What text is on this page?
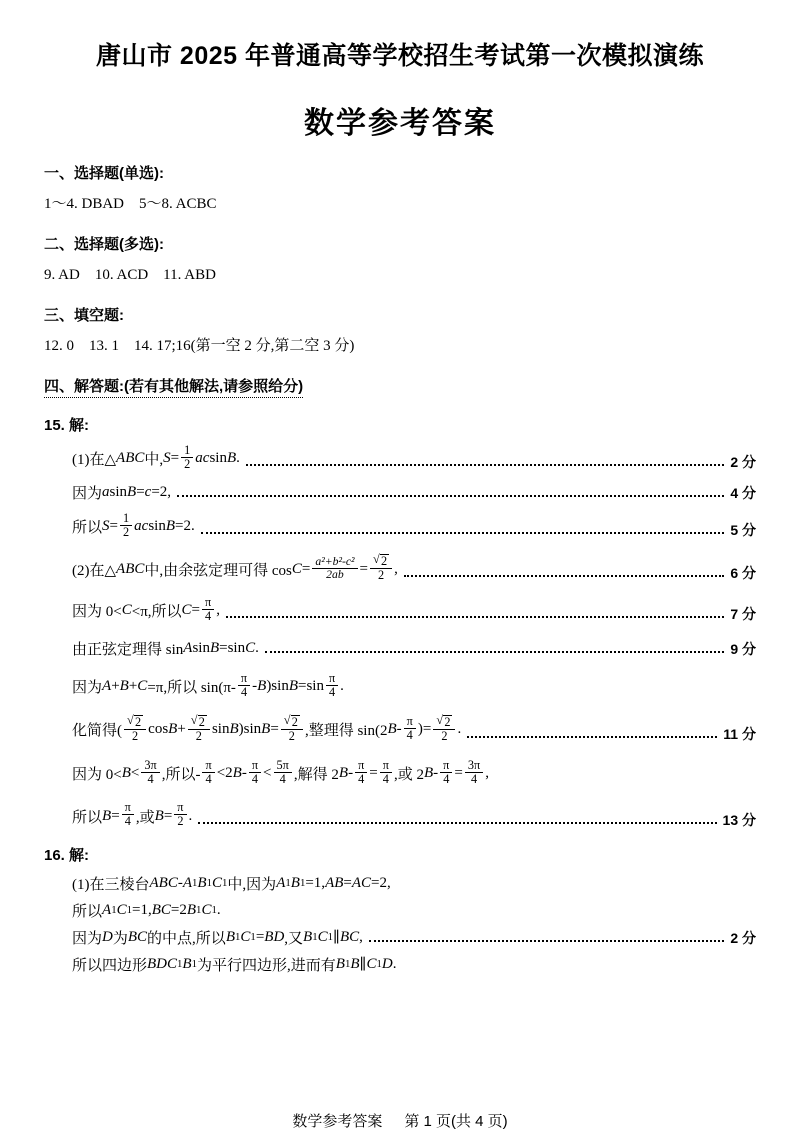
唐山市 2025 年普通高等学校招生考试第一次模拟演练
数学参考答案
一、选择题(单选):
1～4. DBAD　5～8. ACBC
二、选择题(多选):
9. AD　10. ACD　11. ABD
三、填空题:
12. 0　13. 1　14. 17;16(第一空 2 分,第二空 3 分)
四、解答题:(若有其他解法,请参照给分)
15. 解:
(1)在△ ABC 中, $S = \frac{1}{2}$ ac sin B .	2 分
因为 a sin B = c =2,	4 分
所以 $S = \frac{1}{2}$ ac sin B =2.	5 分
(2)在△ ABC 中,由余弦定理可得 $\cos C = \frac{\text{a²+b²-c²}}{2ab}$ = √ $\frac{2}{2}$ ,	6 分
因为 0< C <π,所以 $C = \frac{\pi}{4}$ ,	7 分
由正弦定理得 sin A sin B =sin C .	9 分
因为 A + B + C =π,所以 $\sin(\pi- \frac{\pi}{4}$ - B )sin $B =\sin \frac{\pi}{4}$ .
化简得( √ $\frac{2}{2}$ cos B + √ $\frac{2}{2}$ sin B )sin B = √ $\frac{2}{2}$ ,整理得 sin(2 B - $\frac{\pi}{4}$ )= √ $\frac{2}{2}$ .	11 分
因为 $0< B < \frac{3\pi}{4}$ ,所以- $\frac{\pi}{4} <2$ $B - \frac{\pi}{4} < \frac{5\pi}{4}$ ,解得 2 $B - \frac{\pi}{4} = \frac{\pi}{4}$ ,或 2 $B - \frac{\pi}{4} = \frac{3\pi}{4}$ ,
所以 $B = \frac{\pi}{4}$ ,或 $B = \frac{\pi}{2}$ .	13 分
16. 解:
(1)在三棱台 ABC - A 1 B 1 C 1 中,因为 A 1 B 1 =1, AB = AC =2,
所以 A 1 C 1 =1, BC =2 B 1 C 1 .
因为 D 为 BC 的中点,所以 B 1 C 1 = BD ,又 B 1 C 1 ∥ BC ,	2 分
所以四边形 BDC 1 B 1 为平行四边形,进而有 B 1 B ∥ C 1 D .
数学参考答案 第 1 页(共 4 页)
